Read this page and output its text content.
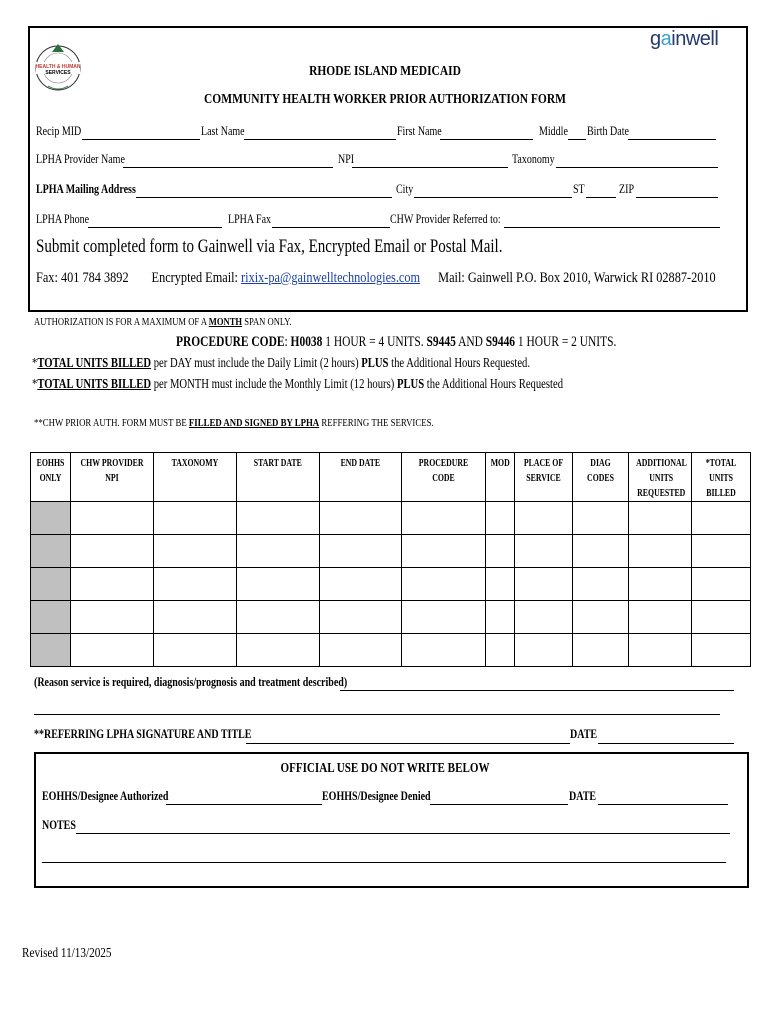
HEALTH & HUMAN
SERVICES
gainwell
RHODE ISLAND MEDICAID
COMMUNITY HEALTH WORKER PRIOR AUTHORIZATION FORM
Recip MID	Last Name	First Name	Middle Birth Date
LPHA Provider Name	NPI	Taxonomy
LPHA Mailing Address	City	ST	ZIP
LPHA Phone	LPHA Fax	CHW Provider Referred to:
Submit completed form to Gainwell via Fax, Encrypted Email or Postal Mail.
Fax: 401 784 3892 Encrypted Email: rixix-pa@gainwelltechnologies.com Mail: Gainwell P.O. Box 2010, Warwick RI 02887-2010
AUTHORIZATION IS FOR A MAXIMUM OF A MONTH SPAN ONLY.
PROCEDURE CODE: H0038 1 HOUR = 4 UNITS. S9445 AND S9446 1 HOUR = 2 UNITS.
*TOTAL UNITS BILLED per DAY must include the Daily Limit (2 hours) PLUS the Additional Hours Requested.
*TOTAL UNITS BILLED per MONTH must include the Monthly Limit (12 hours) PLUS the Additional Hours Requested
**CHW PRIOR AUTH. FORM MUST BE FILLED AND SIGNED BY LPHA REFFERING THE SERVICES.
EOHHS ONLY	CHW PROVIDER NPI	TAXONOMY	START DATE	END DATE	PROCEDURE CODE	MOD	PLACE OF SERVICE	DIAG CODES	ADDITIONAL UNITS REQUESTED	*TOTAL UNITS BILLED

(Reason service is required, diagnosis/prognosis and treatment described)
**REFERRING LPHA SIGNATURE AND TITLE	DATE
OFFICIAL USE DO NOT WRITE BELOW
EOHHS/Designee Authorized	EOHHS/Designee Denied	DATE
NOTES
Revised 11/13/2025
